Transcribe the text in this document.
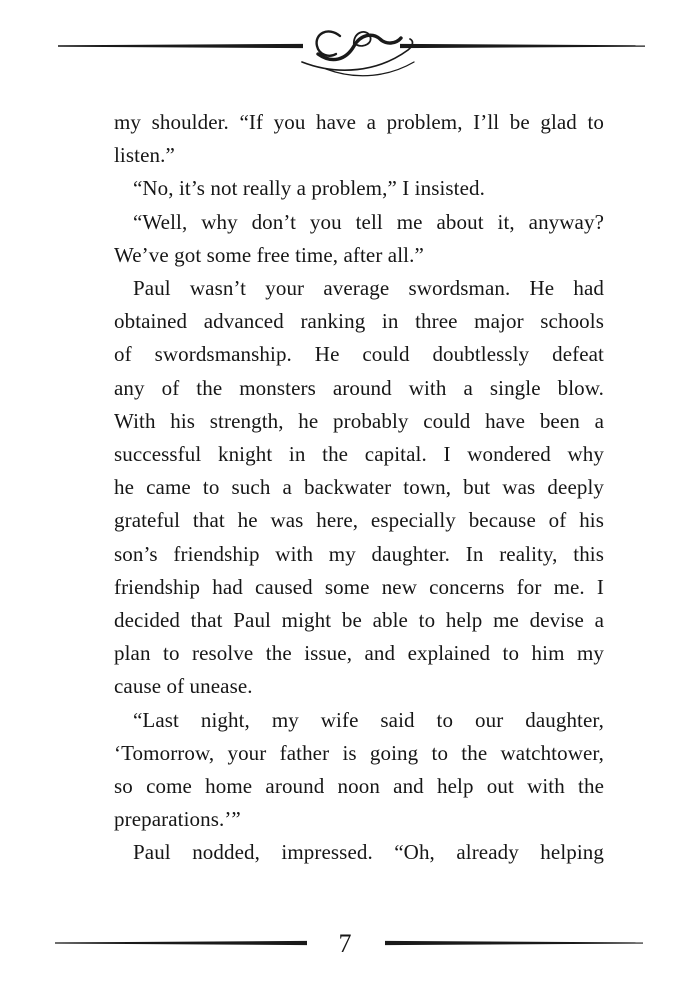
my shoulder. “If you have a problem, I’ll be glad to
listen.”
“No, it’s not really a problem,” I insisted.
“Well, why don’t you tell me about it, anyway?
We’ve got some free time, after all.”
Paul wasn’t your average swordsman. He had
obtained advanced ranking in three major schools
of swordsmanship. He could doubtlessly defeat
any of the monsters around with a single blow.
With his strength, he probably could have been a
successful knight in the capital. I wondered why
he came to such a backwater town, but was deeply
grateful that he was here, especially because of his
son’s friendship with my daughter. In reality, this
friendship had caused some new concerns for me. I
decided that Paul might be able to help me devise a
plan to resolve the issue, and explained to him my
cause of unease.
“Last night, my wife said to our daughter,
‘Tomorrow, your father is going to the watchtower,
so come home around noon and help out with the
preparations.’”
Paul nodded, impressed. “Oh, already helping
7
